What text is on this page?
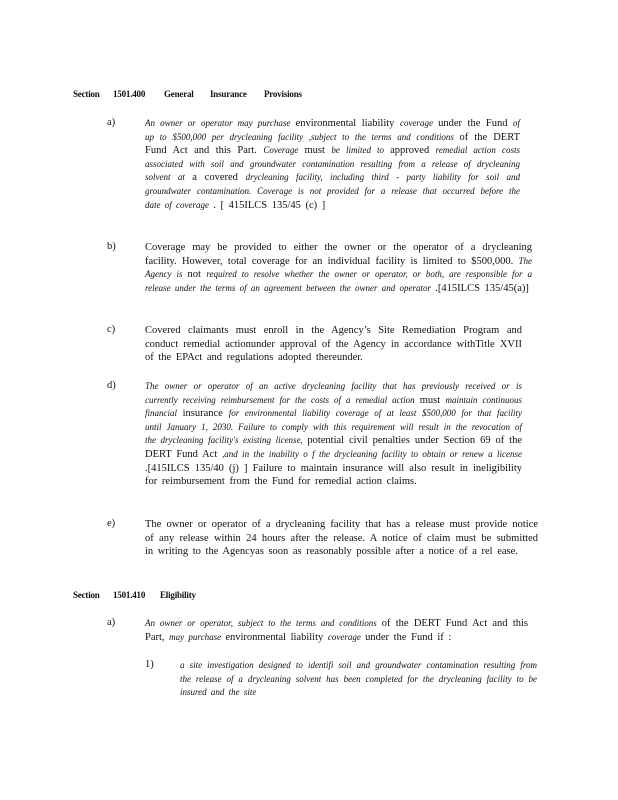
Section 1501.400 General Insurance Provisions
a)	An owner or operator may purchase environmental liability coverage under the Fund of up to $500,000 per drycleaning facility ,subject to the terms and conditions of the DERT Fund Act and this Part. Coverage must be limited to approved remedial action costs associated with soil and groundwater contamination resulting from a release of drycleaning solvent at a covered drycleaning facility, including third - party liability for soil and groundwater contamination. Coverage is not provided for a release that occurred before the date of coverage . [ 415ILCS 135/45 (c) ]
b)	Coverage may be provided to either the owner or the operator of a drycleaning facility. However, total coverage for an individual facility is limited to $500,000. The Agency is not required to resolve whether the owner or operator, or both, are responsible for a release under the terms of an agreement between the owner and operator .[415ILCS 135/45(a)]
c)	Covered claimants must enroll in the Agency’s Site Remediation Program and conduct remedial actionunder approval of the Agency in accordance withTitle XVII of the EPAct and regulations adopted thereunder.
d)	The owner or operator of an active drycleaning facility that has previously received or is currently receiving reimbursement for the costs of a remedial action must maintain continuous financial insurance for environmental liability coverage of at least $500,000 for that facility until January 1, 2030. Failure to comply with this requirement will result in the revocation of the drycleaning facility's existing license, potential civil penalties under Section 69 of the DERT Fund Act ,and in the inability o f the drycleaning facility to obtain or renew a license .[415ILCS 135/40 (j) ] Failure to maintain insurance will also result in ineligibility for reimbursement from the Fund for remedial action claims.
e)	The owner or operator of a drycleaning facility that has a release must provide notice of any release within 24 hours after the release. A notice of claim must be submitted in writing to the Agencyas soon as reasonably possible after a notice of a rel ease.
Section 1501.410 Eligibility
a)	An owner or operator, subject to the terms and conditions of the DERT Fund Act and this Part, may purchase environmental liability coverage under the Fund if :
1)	a site investigation designed to identifi soil and groundwater contamination resulting from the release of a drycleaning solvent has been completed for the drycleaning facility to be insured and the site
